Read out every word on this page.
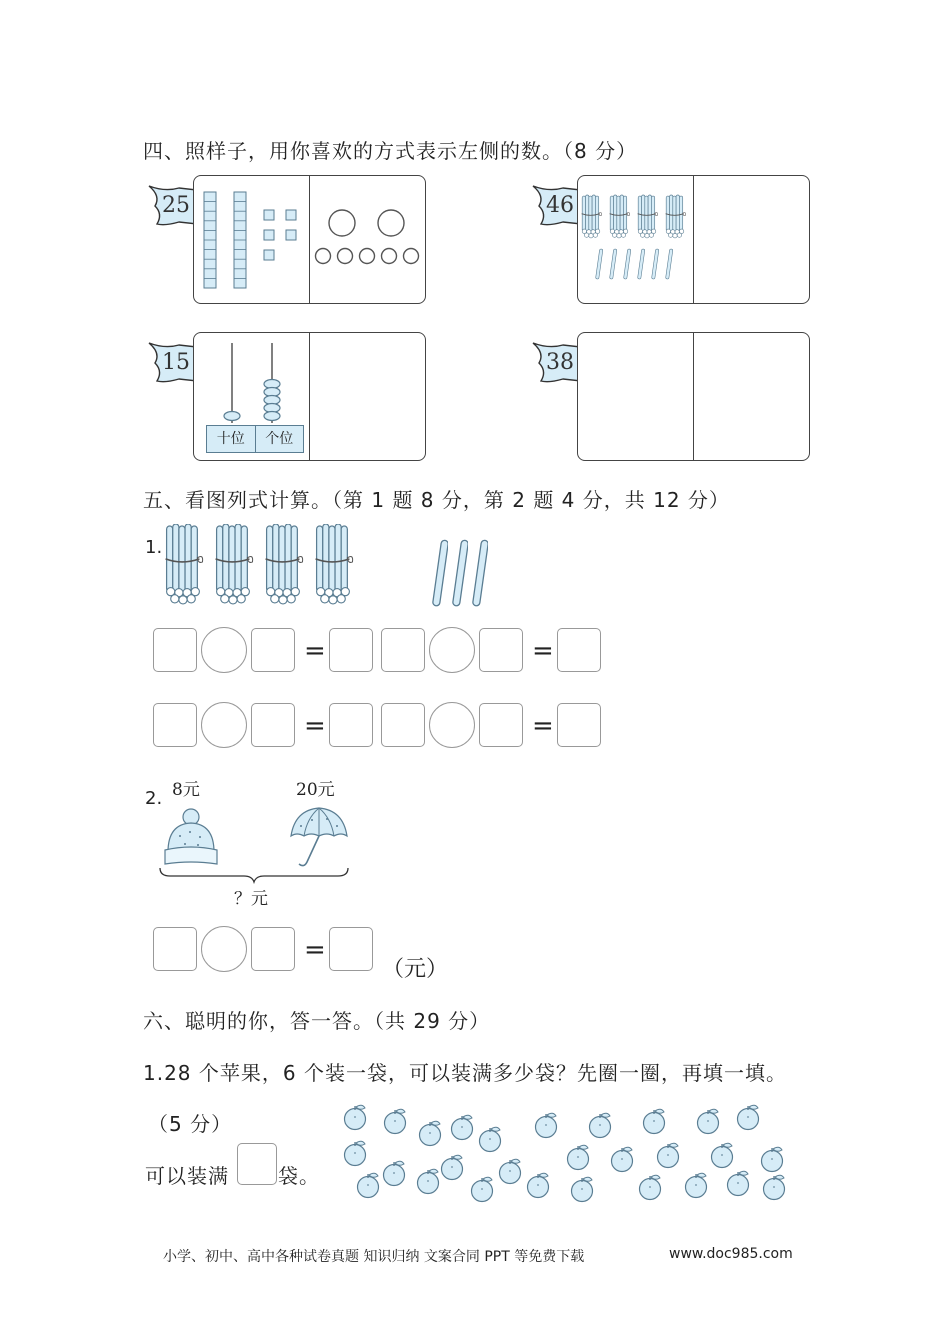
四、照样子，用你喜欢的方式表示左侧的数。（8 分）
25	46
15
十位	个位
38
五、看图列式计算。（第 1 题 8 分，第 2 题 4 分，共 12 分）
1.
=	=
=	=
2. 8元	20元
？元
=
（元）
六、聪明的你，答一答。（共 29 分）
1.28 个苹果，6 个装一袋，可以装满多少袋？先圈一圈，再填一填。
（5 分）
可以装满 袋。
小学、初中、高中各种试卷真题 知识归纳 文案合同 PPT 等免费下载	www.doc985.com
